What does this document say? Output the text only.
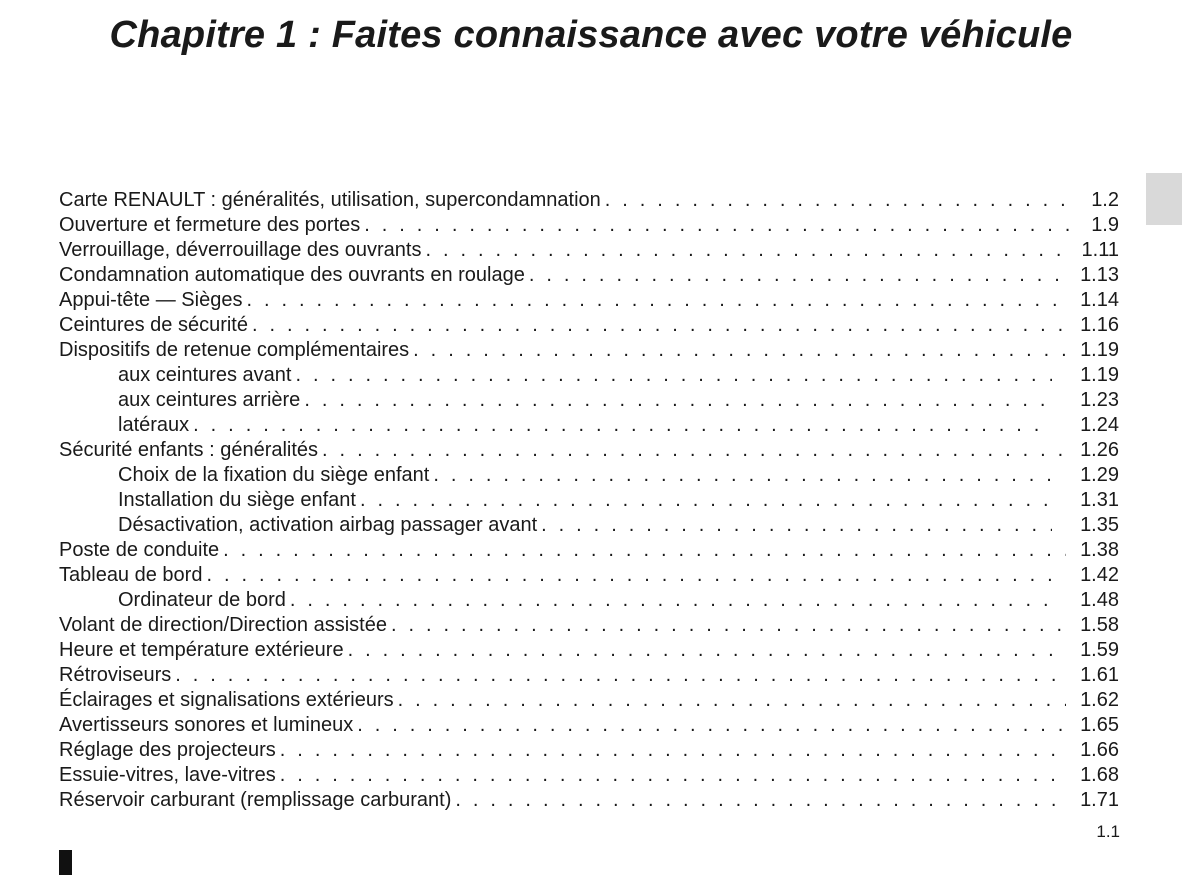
Chapitre 1 : Faites connaissance avec votre véhicule
Carte RENAULT : généralités, utilisation, supercondamnation . . .	1.2
Ouverture et fermeture des portes . . .	1.9
Verrouillage, déverrouillage des ouvrants . . .	1.11
Condamnation automatique des ouvrants en roulage . . .	1.13
Appui-tête — Sièges . . .	1.14
Ceintures de sécurité . . .	1.16
Dispositifs de retenue complémentaires . . .	1.19
aux ceintures avant . . .	1.19
aux ceintures arrière . . .	1.23
latéraux . . .	1.24
Sécurité enfants : généralités . . .	1.26
Choix de la fixation du siège enfant . . .	1.29
Installation du siège enfant . . .	1.31
Désactivation, activation airbag passager avant . . .	1.35
Poste de conduite . . .	1.38
Tableau de bord . . .	1.42
Ordinateur de bord . . .	1.48
Volant de direction/Direction assistée . . .	1.58
Heure et température extérieure . . .	1.59
Rétroviseurs . . .	1.61
Éclairages et signalisations extérieurs . . .	1.62
Avertisseurs sonores et lumineux . . .	1.65
Réglage des projecteurs . . .	1.66
Essuie-vitres, lave-vitres . . .	1.68
Réservoir carburant (remplissage carburant) . . .	1.71
1.1
